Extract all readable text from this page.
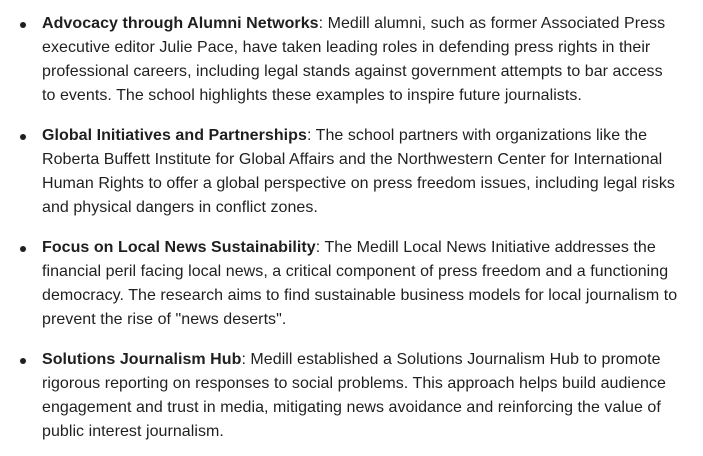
Advocacy through Alumni Networks: Medill alumni, such as former Associated Press executive editor Julie Pace, have taken leading roles in defending press rights in their professional careers, including legal stands against government attempts to bar access to events. The school highlights these examples to inspire future journalists.
Global Initiatives and Partnerships: The school partners with organizations like the Roberta Buffett Institute for Global Affairs and the Northwestern Center for International Human Rights to offer a global perspective on press freedom issues, including legal risks and physical dangers in conflict zones.
Focus on Local News Sustainability: The Medill Local News Initiative addresses the financial peril facing local news, a critical component of press freedom and a functioning democracy. The research aims to find sustainable business models for local journalism to prevent the rise of "news deserts".
Solutions Journalism Hub: Medill established a Solutions Journalism Hub to promote rigorous reporting on responses to social problems. This approach helps build audience engagement and trust in media, mitigating news avoidance and reinforcing the value of public interest journalism.
